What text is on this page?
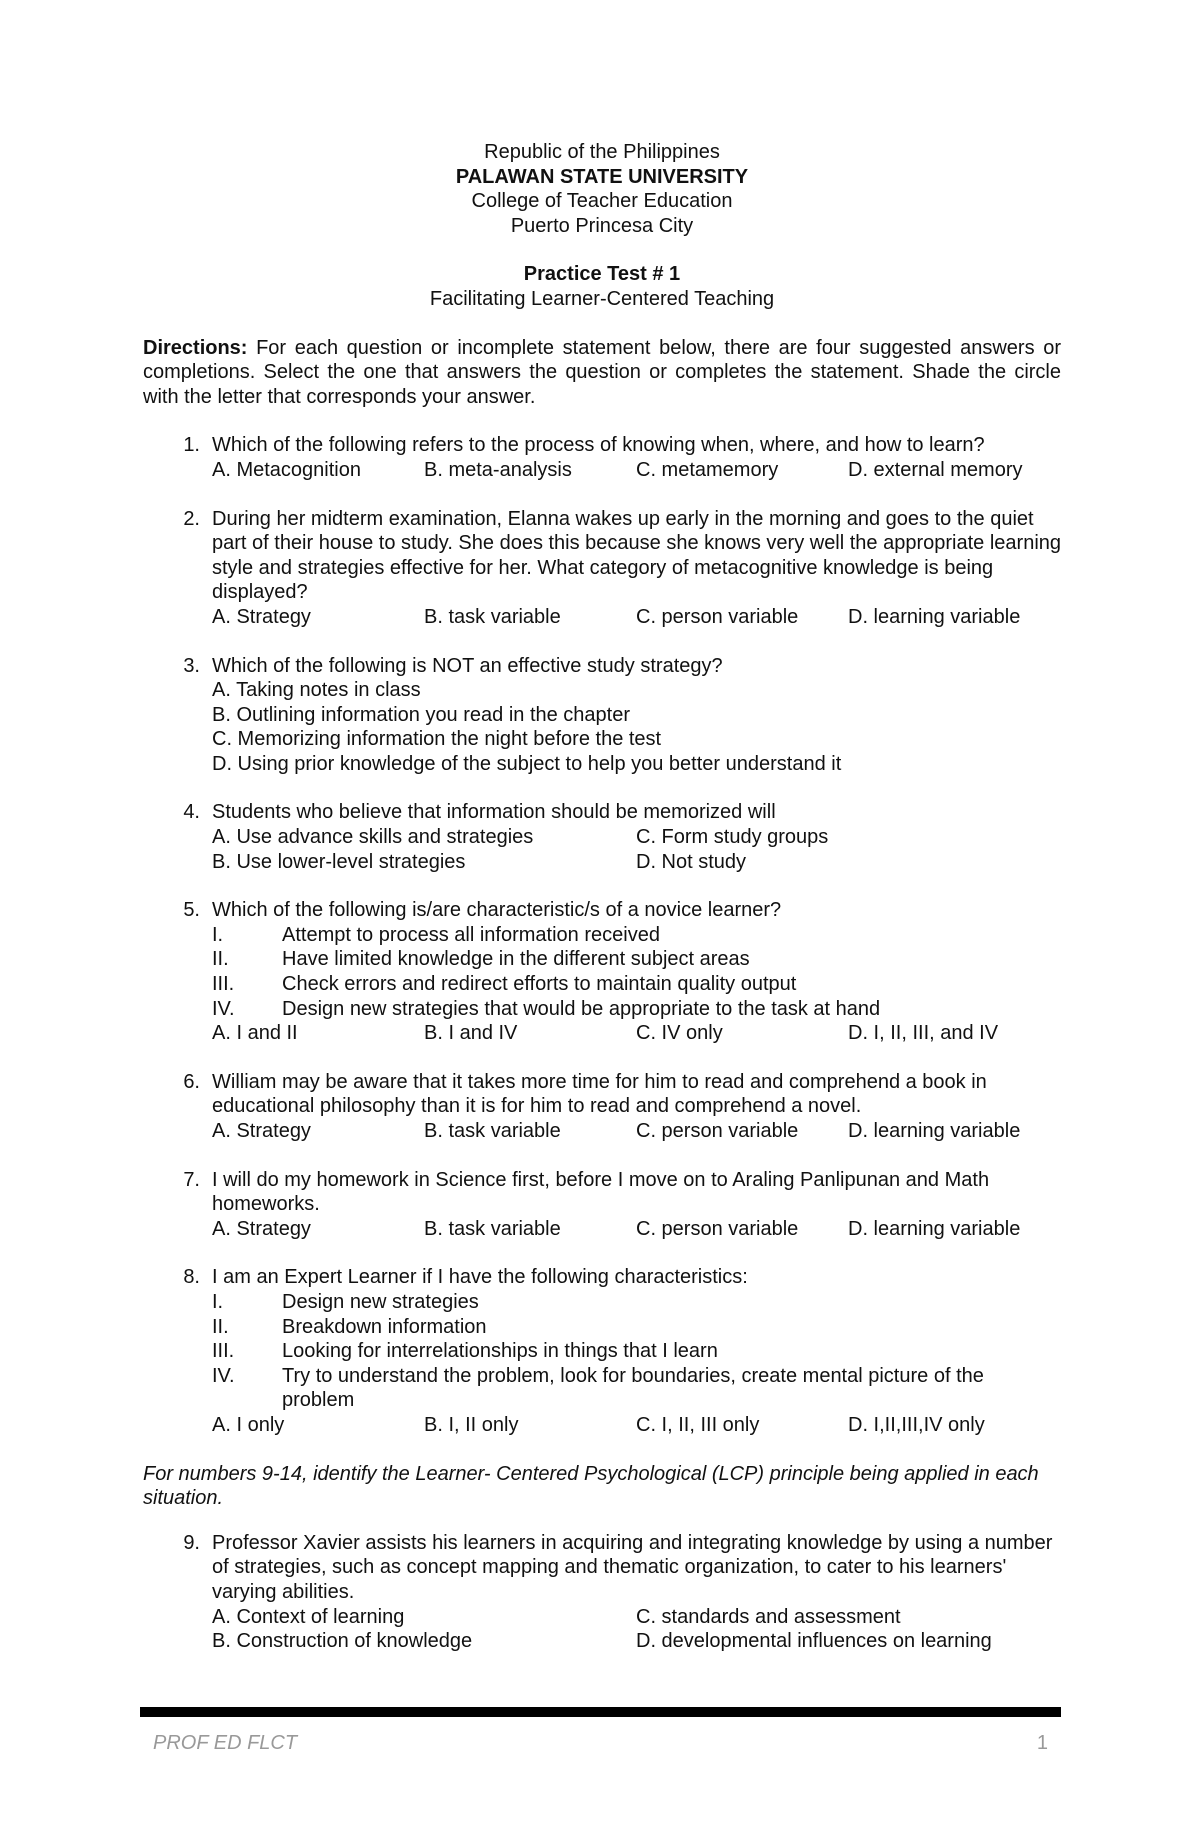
Republic of the Philippines

PALAWAN STATE UNIVERSITY

College of Teacher Education

Puerto Princesa City

Practice Test # 1

Facilitating Learner-Centered Teaching

Directions: For each question or incomplete statement below, there are four suggested answers or completions. Select the one that answers the question or completes the statement. Shade the circle with the letter that corresponds your answer.

1. Which of the following refers to the process of knowing when, where, and how to learn?

A. Metacognition	B. meta-analysis	C. metamemory	D. external memory
2. During her midterm examination, Elanna wakes up early in the morning and goes to the quiet part of their house to study. She does this because she knows very well the appropriate learning style and strategies effective for her. What category of metacognitive knowledge is being displayed?

A. Strategy	B. task variable	C. person variable	D. learning variable
3. Which of the following is NOT an effective study strategy?

A. Taking notes in class
B. Outlining information you read in the chapter
C. Memorizing information the night before the test
D. Using prior knowledge of the subject to help you better understand it
4. Students who believe that information should be memorized will

A. Use advance skills and strategies	C. Form study groups
B. Use lower-level strategies	D. Not study
5. Which of the following is/are characteristic/s of a novice learner?

I.	Attempt to process all information received
II.	Have limited knowledge in the different subject areas
III.	Check errors and redirect efforts to maintain quality output
IV.	Design new strategies that would be appropriate to the task at hand
A. I and II	B. I and IV	C. IV only	D. I, II, III, and IV
6. William may be aware that it takes more time for him to read and comprehend a book in educational philosophy than it is for him to read and comprehend a novel.

A. Strategy	B. task variable	C. person variable	D. learning variable
7. I will do my homework in Science first, before I move on to Araling Panlipunan and Math homeworks.

A. Strategy	B. task variable	C. person variable	D. learning variable
8. I am an Expert Learner if I have the following characteristics:

I.	Design new strategies
II.	Breakdown information
III.	Looking for interrelationships in things that I learn
IV.	Try to understand the problem, look for boundaries, create mental picture of the problem
A. I only	B. I, II only	C. I, II, III only	D. I,II,III,IV only

For numbers 9-14, identify the Learner- Centered Psychological (LCP) principle being applied in each situation.

9. Professor Xavier assists his learners in acquiring and integrating knowledge by using a number of strategies, such as concept mapping and thematic organization, to cater to his learners' varying abilities.

A. Context of learning	C. standards and assessment
B. Construction of knowledge	D. developmental influences on learning
PROF ED FLCT	1
